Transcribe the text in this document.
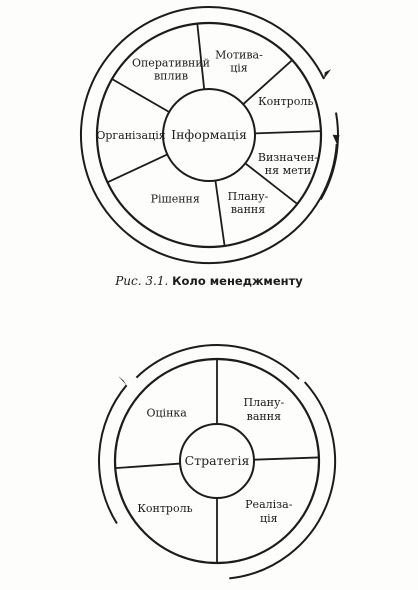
Мотива-ція
Контроль
Визначен-ня мети
Плану-вання
Рішення
Організація
Оперативний вплив
Інформація
Рис. 3.1. Коло менеджменту
Плану-вання
Реаліза-ція
Контроль
Оцінка
Стратегія
